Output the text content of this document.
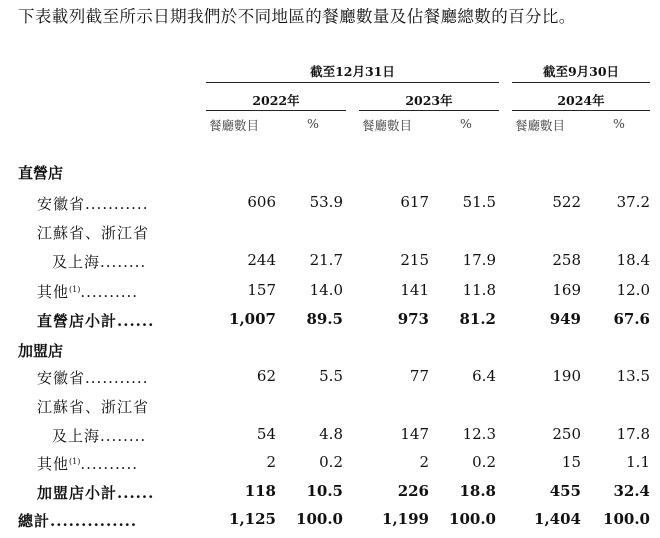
下表載列截至所示日期我們於不同地區的餐廳數量及佔餐廳總數的百分比。
截至12月31日	截至9月30日
2022年	2023年	2024年
餐廳數目	%	餐廳數目	%	餐廳數目	%
直營店
加盟店
安徽省...........	606 53.9	617 51.5	522 37.2
江蘇省、浙江省
及上海........	244 21.7	215 17.9	258 18.4
其他$^{(1)}$..........	157 14.0	141 11.8	169 12.0
直營店小計......	1,007 89.5	973 81.2	949 67.6
安徽省...........	62	5.5	77	6.4	190 13.5
江蘇省、浙江省
及上海........	54	4.8	147 12.3	250 17.8
其他$^{(1)}$..........	2	0.2	2	0.2	15	1.1
加盟店小計......	118 10.5	226 18.8	455 32.4
總計..............	1,125 100.0	1,199 100.0	1,404 100.0
